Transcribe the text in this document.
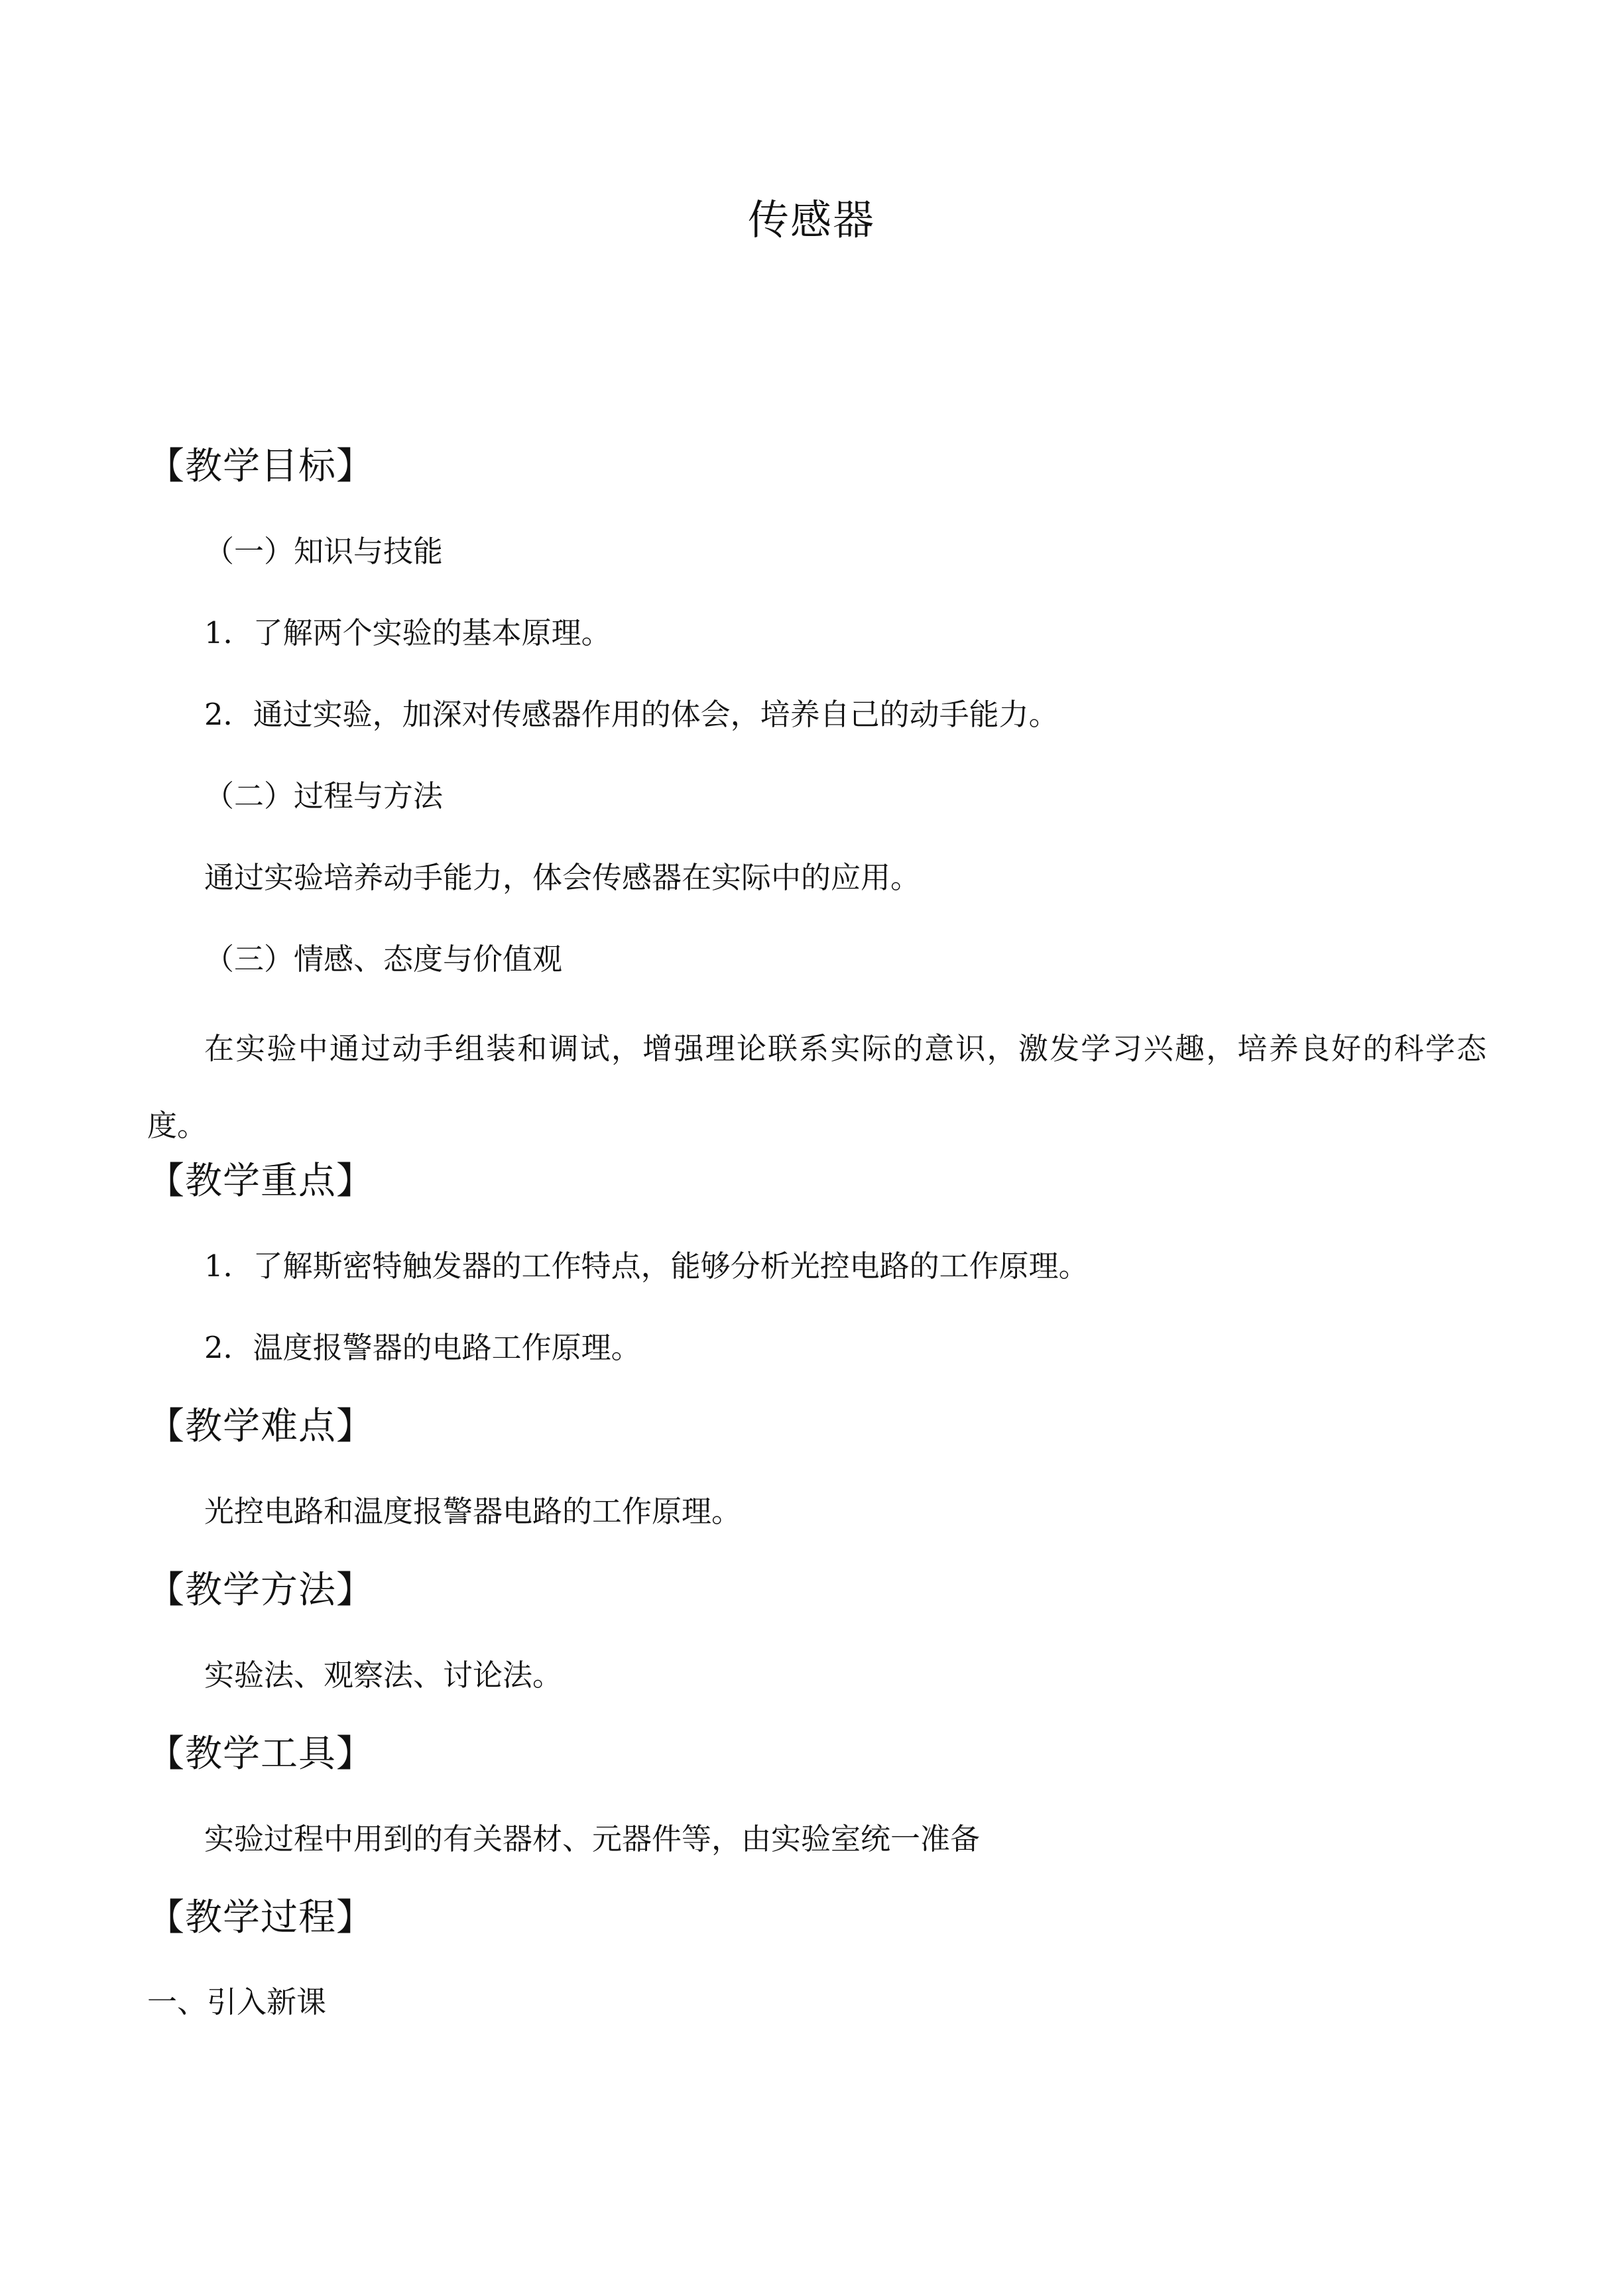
传感器
【教学目标】
（一）知识与技能
1．了解两个实验的基本原理。
2．通过实验，加深对传感器作用的体会，培养自己的动手能力。
（二）过程与方法
通过实验培养动手能力，体会传感器在实际中的应用。
（三）情感、态度与价值观
在实验中通过动手组装和调试，增强理论联系实际的意识，激发学习兴趣，培养良好的科学态度。
【教学重点】
1．了解斯密特触发器的工作特点，能够分析光控电路的工作原理。
2．温度报警器的电路工作原理。
【教学难点】
光控电路和温度报警器电路的工作原理。
【教学方法】
实验法、观察法、讨论法。
【教学工具】
实验过程中用到的有关器材、元器件等，由实验室统一准备
【教学过程】
一、引入新课
